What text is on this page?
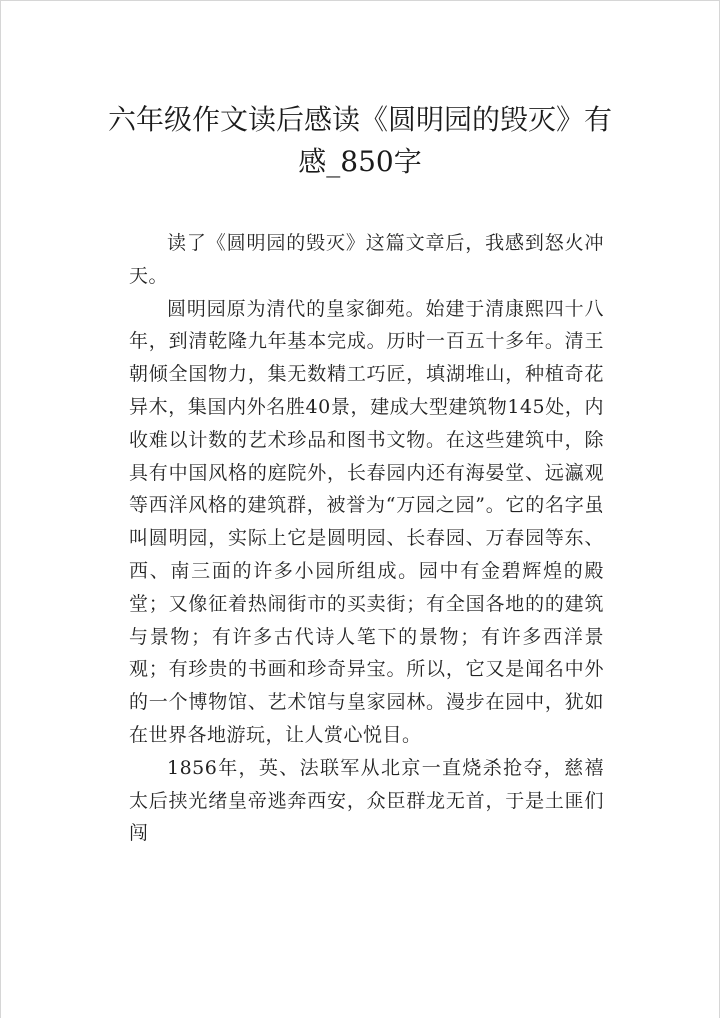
六年级作文读后感读《圆明园的毁灭》有
感_850字

读了《圆明园的毁灭》这篇文章后，我感到怒火冲天。

圆明园原为清代的皇家御苑。始建于清康熙四十八年，到清乾隆九年基本完成。历时一百五十多年。清王朝倾全国物力，集无数精工巧匠，填湖堆山，种植奇花异木，集国内外名胜40景，建成大型建筑物145处，内收难以计数的艺术珍品和图书文物。在这些建筑中，除具有中国风格的庭院外，长春园内还有海晏堂、远瀛观等西洋风格的建筑群，被誉为“万园之园”。它的名字虽叫圆明园，实际上它是圆明园、长春园、万春园等东、西、南三面的许多小园所组成。园中有金碧辉煌的殿堂；又像征着热闹街市的买卖街；有全国各地的的建筑与景物；有许多古代诗人笔下的景物；有许多西洋景观；有珍贵的书画和珍奇异宝。所以，它又是闻名中外的一个博物馆、艺术馆与皇家园林。漫步在园中，犹如在世界各地游玩，让人赏心悦目。

1856年，英、法联军从北京一直烧杀抢夺，慈禧太后挟光绪皇帝逃奔西安，众臣群龙无首，于是土匪们闯
